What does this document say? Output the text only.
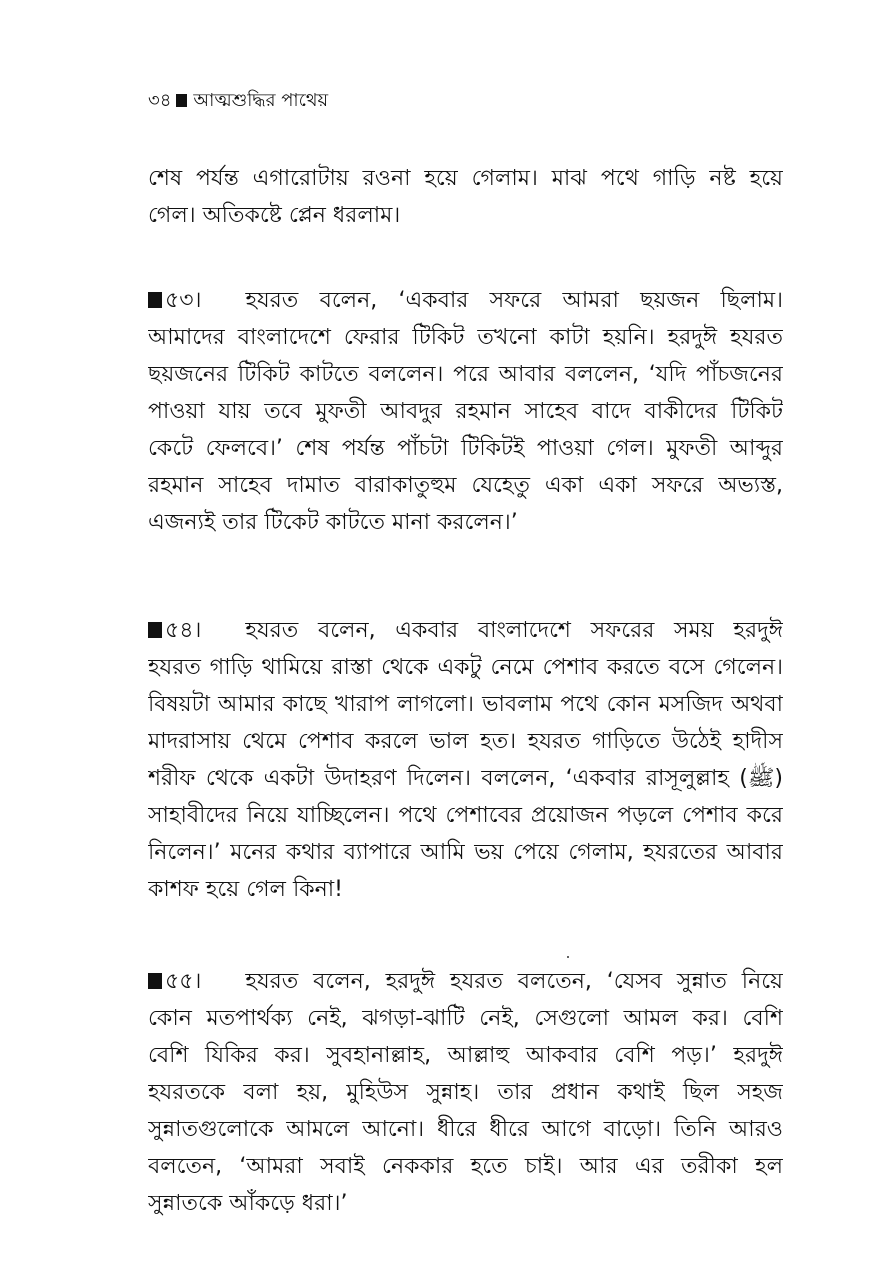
৩৪ আত্মশুদ্ধির পাথেয়
শেষ পর্যন্ত এগারোটায় রওনা হয়ে গেলাম। মাঝ পথে গাড়ি নষ্ট হয়ে
গেল। অতিকষ্টে প্লেন ধরলাম।
৫৩। হযরত বলেন, ‘একবার সফরে আমরা ছয়জন ছিলাম।
আমাদের বাংলাদেশে ফেরার টিকিট তখনো কাটা হয়নি। হরদুঈ হযরত
ছয়জনের টিকিট কাটতে বললেন। পরে আবার বললেন, ‘যদি পাঁচজনের
পাওয়া যায় তবে মুফতী আবদুর রহমান সাহেব বাদে বাকীদের টিকিট
কেটে ফেলবে।’ শেষ পর্যন্ত পাঁচটা টিকিটই পাওয়া গেল। মুফতী আব্দুর
রহমান সাহেব দামাত বারাকাতুহুম যেহেতু একা একা সফরে অভ্যস্ত,
এজন্যই তার টিকেট কাটতে মানা করলেন।’
৫৪। হযরত বলেন, একবার বাংলাদেশে সফরের সময় হরদুঈ
হযরত গাড়ি থামিয়ে রাস্তা থেকে একটু নেমে পেশাব করতে বসে গেলেন।
বিষয়টা আমার কাছে খারাপ লাগলো। ভাবলাম পথে কোন মসজিদ অথবা
মাদরাসায় থেমে পেশাব করলে ভাল হত। হযরত গাড়িতে উঠেই হাদীস
শরীফ থেকে একটা উদাহরণ দিলেন। বললেন, ‘একবার রাসূলুল্লাহ (ﷺ)
সাহাবীদের নিয়ে যাচ্ছিলেন। পথে পেশাবের প্রয়োজন পড়লে পেশাব করে
নিলেন।’ মনের কথার ব্যাপারে আমি ভয় পেয়ে গেলাম, হযরতের আবার
কাশফ হয়ে গেল কিনা!
৫৫। হযরত বলেন, হরদুঈ হযরত বলতেন, ‘যেসব সুন্নাত নিয়ে
কোন মতপার্থক্য নেই, ঝগড়া-ঝাটি নেই, সেগুলো আমল কর। বেশি
বেশি যিকির কর। সুবহানাল্লাহ, আল্লাহু আকবার বেশি পড়।’ হরদুঈ
হযরতকে বলা হয়, মুহিউস সুন্নাহ। তার প্রধান কথাই ছিল সহজ
সুন্নাতগুলোকে আমলে আনো। ধীরে ধীরে আগে বাড়ো। তিনি আরও
বলতেন, ‘আমরা সবাই নেককার হতে চাই। আর এর তরীকা হল
সুন্নাতকে আঁকড়ে ধরা।’
